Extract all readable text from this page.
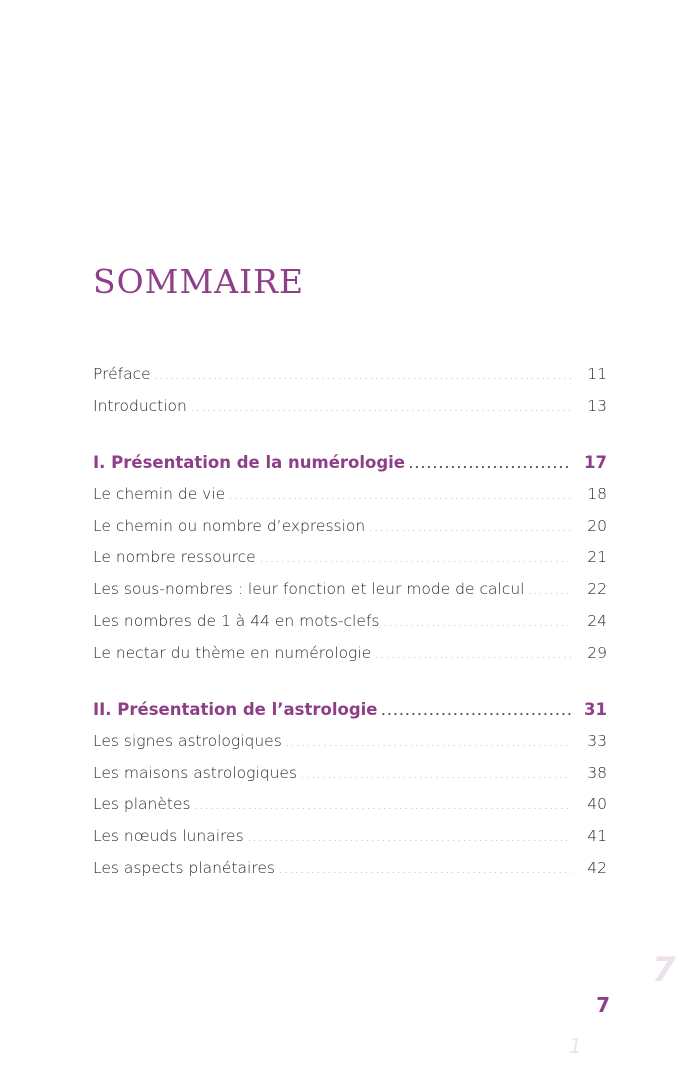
SOMMAIRE
Préface .....	11
Introduction .....	13
I. Présentation de la numérologie .....	17
Le chemin de vie .....	18
Le chemin ou nombre d’expression .....	20
Le nombre ressource .....	21
Les sous-nombres : leur fonction et leur mode de calcul .....	22
Les nombres de 1 à 44 en mots-clefs .....	24
Le nectar du thème en numérologie .....	29
II. Présentation de l’astrologie .....	31
Les signes astrologiques .....	33
Les maisons astrologiques .....	38
Les planètes .....	40
Les nœuds lunaires .....	41
Les aspects planétaires .....	42
7
7
1
